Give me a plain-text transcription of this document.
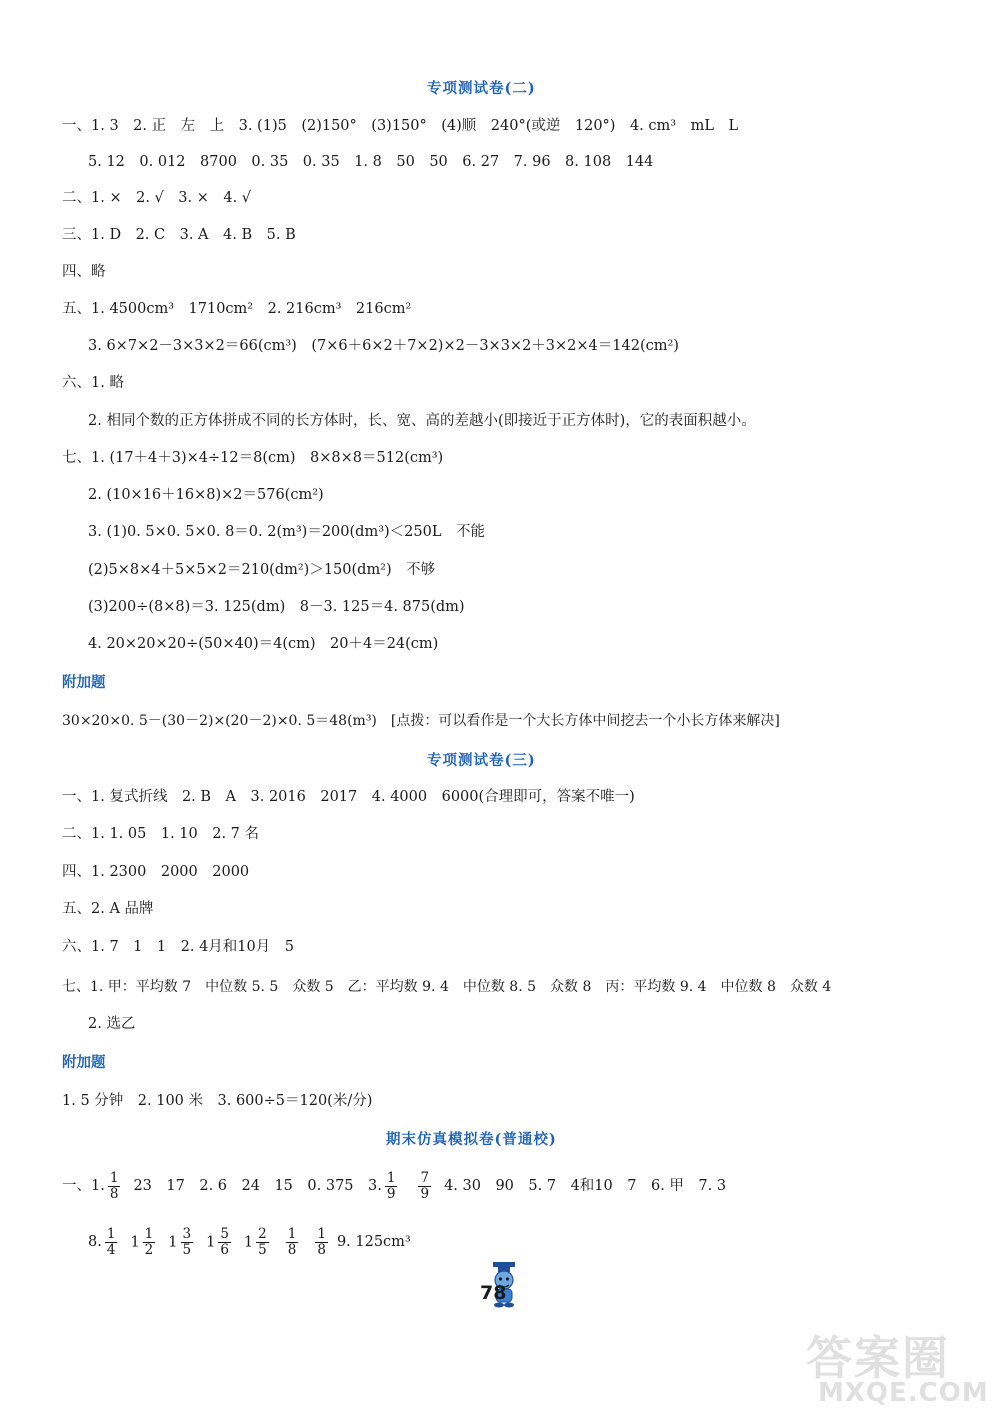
专项测试卷(二)
一、1. 3　2. 正　左　上　3. (1)5　(2)150°　(3)150°　(4)顺　240°(或逆　120°)　4. cm³　mL　L
5. 12　0. 012　8700　0. 35　0. 35　1. 8　50　50　6. 27　7. 96　8. 108　144
二、1. ×　2. √　3. ×　4. √
三、1. D　2. C　3. A　4. B　5. B
四、略
五、1. 4500cm³　1710cm²　2. 216cm³　216cm²
3. 6×7×2－3×3×2＝66(cm³)　(7×6＋6×2＋7×2)×2－3×3×2＋3×2×4＝142(cm²)
六、1. 略
2. 相同个数的正方体拼成不同的长方体时，长、宽、高的差越小(即接近于正方体时)，它的表面积越小。
七、1. (17＋4＋3)×4÷12＝8(cm)　8×8×8＝512(cm³)
2. (10×16＋16×8)×2＝576(cm²)
3. (1)0. 5×0. 5×0. 8＝0. 2(m³)＝200(dm³)＜250L　不能
(2)5×8×4＋5×5×2＝210(dm²)＞150(dm²)　不够
(3)200÷(8×8)＝3. 125(dm)　8－3. 125＝4. 875(dm)
4. 20×20×20÷(50×40)＝4(cm)　20＋4＝24(cm)
附加题
30×20×0. 5－(30－2)×(20－2)×0. 5＝48(m³)　[点拨：可以看作是一个大长方体中间挖去一个小长方体来解决]
专项测试卷(三)
一、1. 复式折线　2. B　A　3. 2016　2017　4. 4000　6000(合理即可，答案不唯一)
二、1. 1. 05　1. 10　2. 7 名
四、1. 2300　2000　2000
五、2. A 品牌
六、1. 7　1　1　2. 4月和10月　5
七、1. 甲：平均数 7　中位数 5. 5　众数 5　乙：平均数 9. 4　中位数 8. 5　众数 8　丙：平均数 9. 4　中位数 8　众数 4
2. 选乙
附加题
1. 5 分钟　2. 100 米　3. 600÷5＝120(米/分)
期末仿真模拟卷(普通校)
一、1. $\frac{1}{8} 23$　17　2. 6　24　15　0. 375　3. $\frac{1}{9} \frac{7}{9} 4$. 30　90　5. 7　4和10　7　6. 甲　7. 3
8. $\frac{1}{4} 1 \frac{1}{2} 1 \frac{3}{5} 1 \frac{5}{6} 1 \frac{2}{5} \frac{1}{8} \frac{1}{8} 9$. 125cm³
78
答案圈
MXQE.COM
